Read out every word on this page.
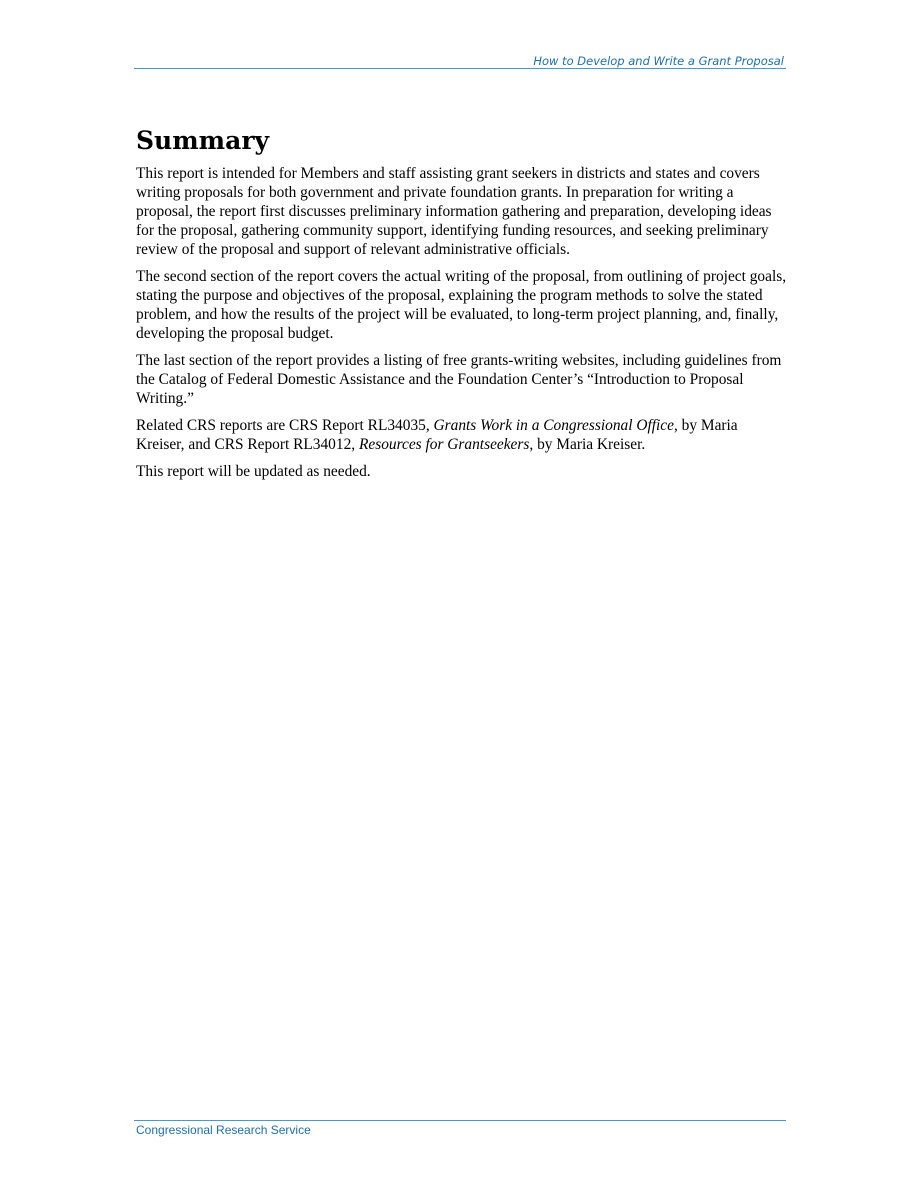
How to Develop and Write a Grant Proposal
Summary

This report is intended for Members and staff assisting grant seekers in districts and states and covers writing proposals for both government and private foundation grants. In preparation for writing a proposal, the report first discusses preliminary information gathering and preparation, developing ideas for the proposal, gathering community support, identifying funding resources, and seeking preliminary review of the proposal and support of relevant administrative officials.

The second section of the report covers the actual writing of the proposal, from outlining of project goals, stating the purpose and objectives of the proposal, explaining the program methods to solve the stated problem, and how the results of the project will be evaluated, to long-term project planning, and, finally, developing the proposal budget.

The last section of the report provides a listing of free grants-writing websites, including guidelines from the Catalog of Federal Domestic Assistance and the Foundation Center’s “Introduction to Proposal Writing.”

Related CRS reports are CRS Report RL34035, Grants Work in a Congressional Office, by Maria Kreiser, and CRS Report RL34012, Resources for Grantseekers, by Maria Kreiser.

This report will be updated as needed.

Congressional Research Service
